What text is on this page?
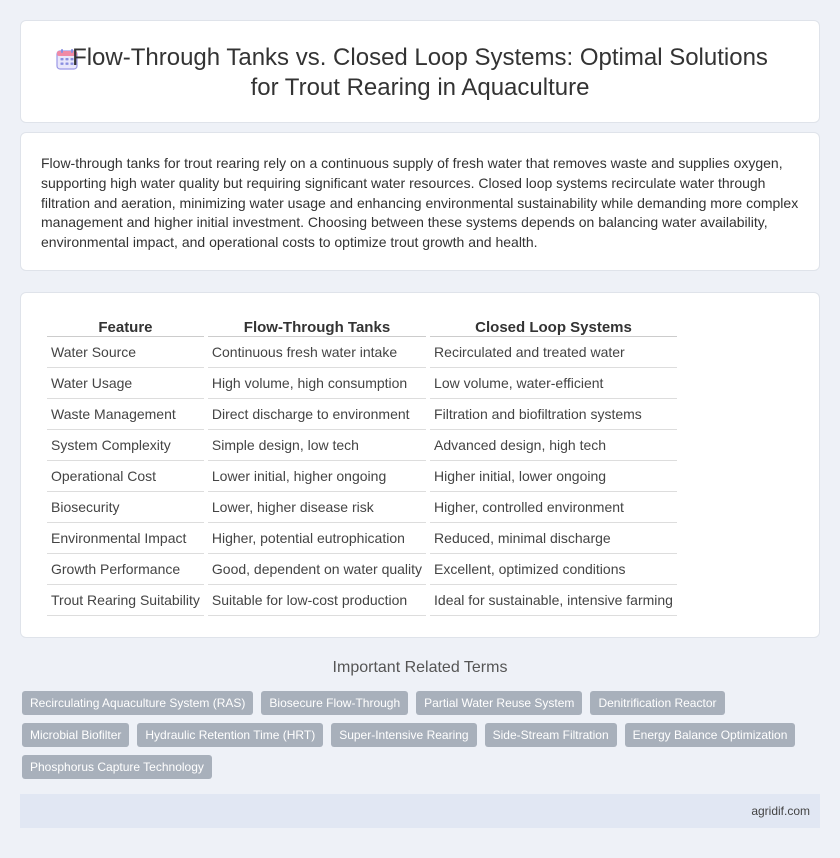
Flow-Through Tanks vs. Closed Loop Systems: Optimal Solutions for Trout Rearing in Aquaculture

Flow-through tanks for trout rearing rely on a continuous supply of fresh water that removes waste and supplies oxygen, supporting high water quality but requiring significant water resources. Closed loop systems recirculate water through filtration and aeration, minimizing water usage and enhancing environmental sustainability while demanding more complex management and higher initial investment. Choosing between these systems depends on balancing water availability, environmental impact, and operational costs to optimize trout growth and health.

Feature	Flow-Through Tanks	Closed Loop Systems
Water Source	Continuous fresh water intake	Recirculated and treated water
Water Usage	High volume, high consumption	Low volume, water-efficient
Waste Management	Direct discharge to environment	Filtration and biofiltration systems
System Complexity	Simple design, low tech	Advanced design, high tech
Operational Cost	Lower initial, higher ongoing	Higher initial, lower ongoing
Biosecurity	Lower, higher disease risk	Higher, controlled environment
Environmental Impact	Higher, potential eutrophication	Reduced, minimal discharge
Growth Performance	Good, dependent on water quality	Excellent, optimized conditions
Trout Rearing Suitability	Suitable for low-cost production	Ideal for sustainable, intensive farming
Important Related Terms
Recirculating Aquaculture System (RAS)	Biosecure Flow-Through	Partial Water Reuse System	Denitrification Reactor
Microbial Biofilter	Hydraulic Retention Time (HRT)	Super-Intensive Rearing	Side-Stream Filtration	Energy Balance Optimization
Phosphorus Capture Technology
agridif.com
